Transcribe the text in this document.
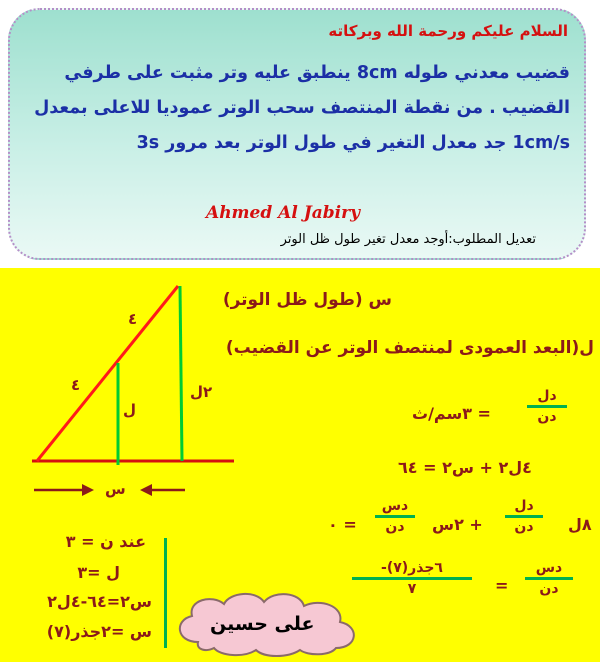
السلام عليكم ورحمة الله وبركاته
قضيب معدني طوله 8cm ينطبق عليه وتر مثبت على طرفي القضيب . من نقطة المنتصف سحب الوتر عموديا للاعلى بمعدل 1cm/s جد معدل التغير في طول الوتر بعد مرور 3s
Ahmed Al Jabiry
تعديل المطلوب:أوجد معدل تغير طول ظل الوتر
٤
٤
ل
٢ل
س
س (طول ظل الوتر)
ل(البعد العمودى لمنتصف الوتر عن القضيب)
دل
دن
= ٣سم/ث
٤ل٢ + س٢ = ٦٤
٨ل
دل
دن
+ ٢س
دس
دن
= ٠
دس
دن
=
-٦جذر(٧)
٧
عند ن = ٣
ل =٣
س٢=٦٤-٤ل٢
س =٢جذر(٧)	على حسين
